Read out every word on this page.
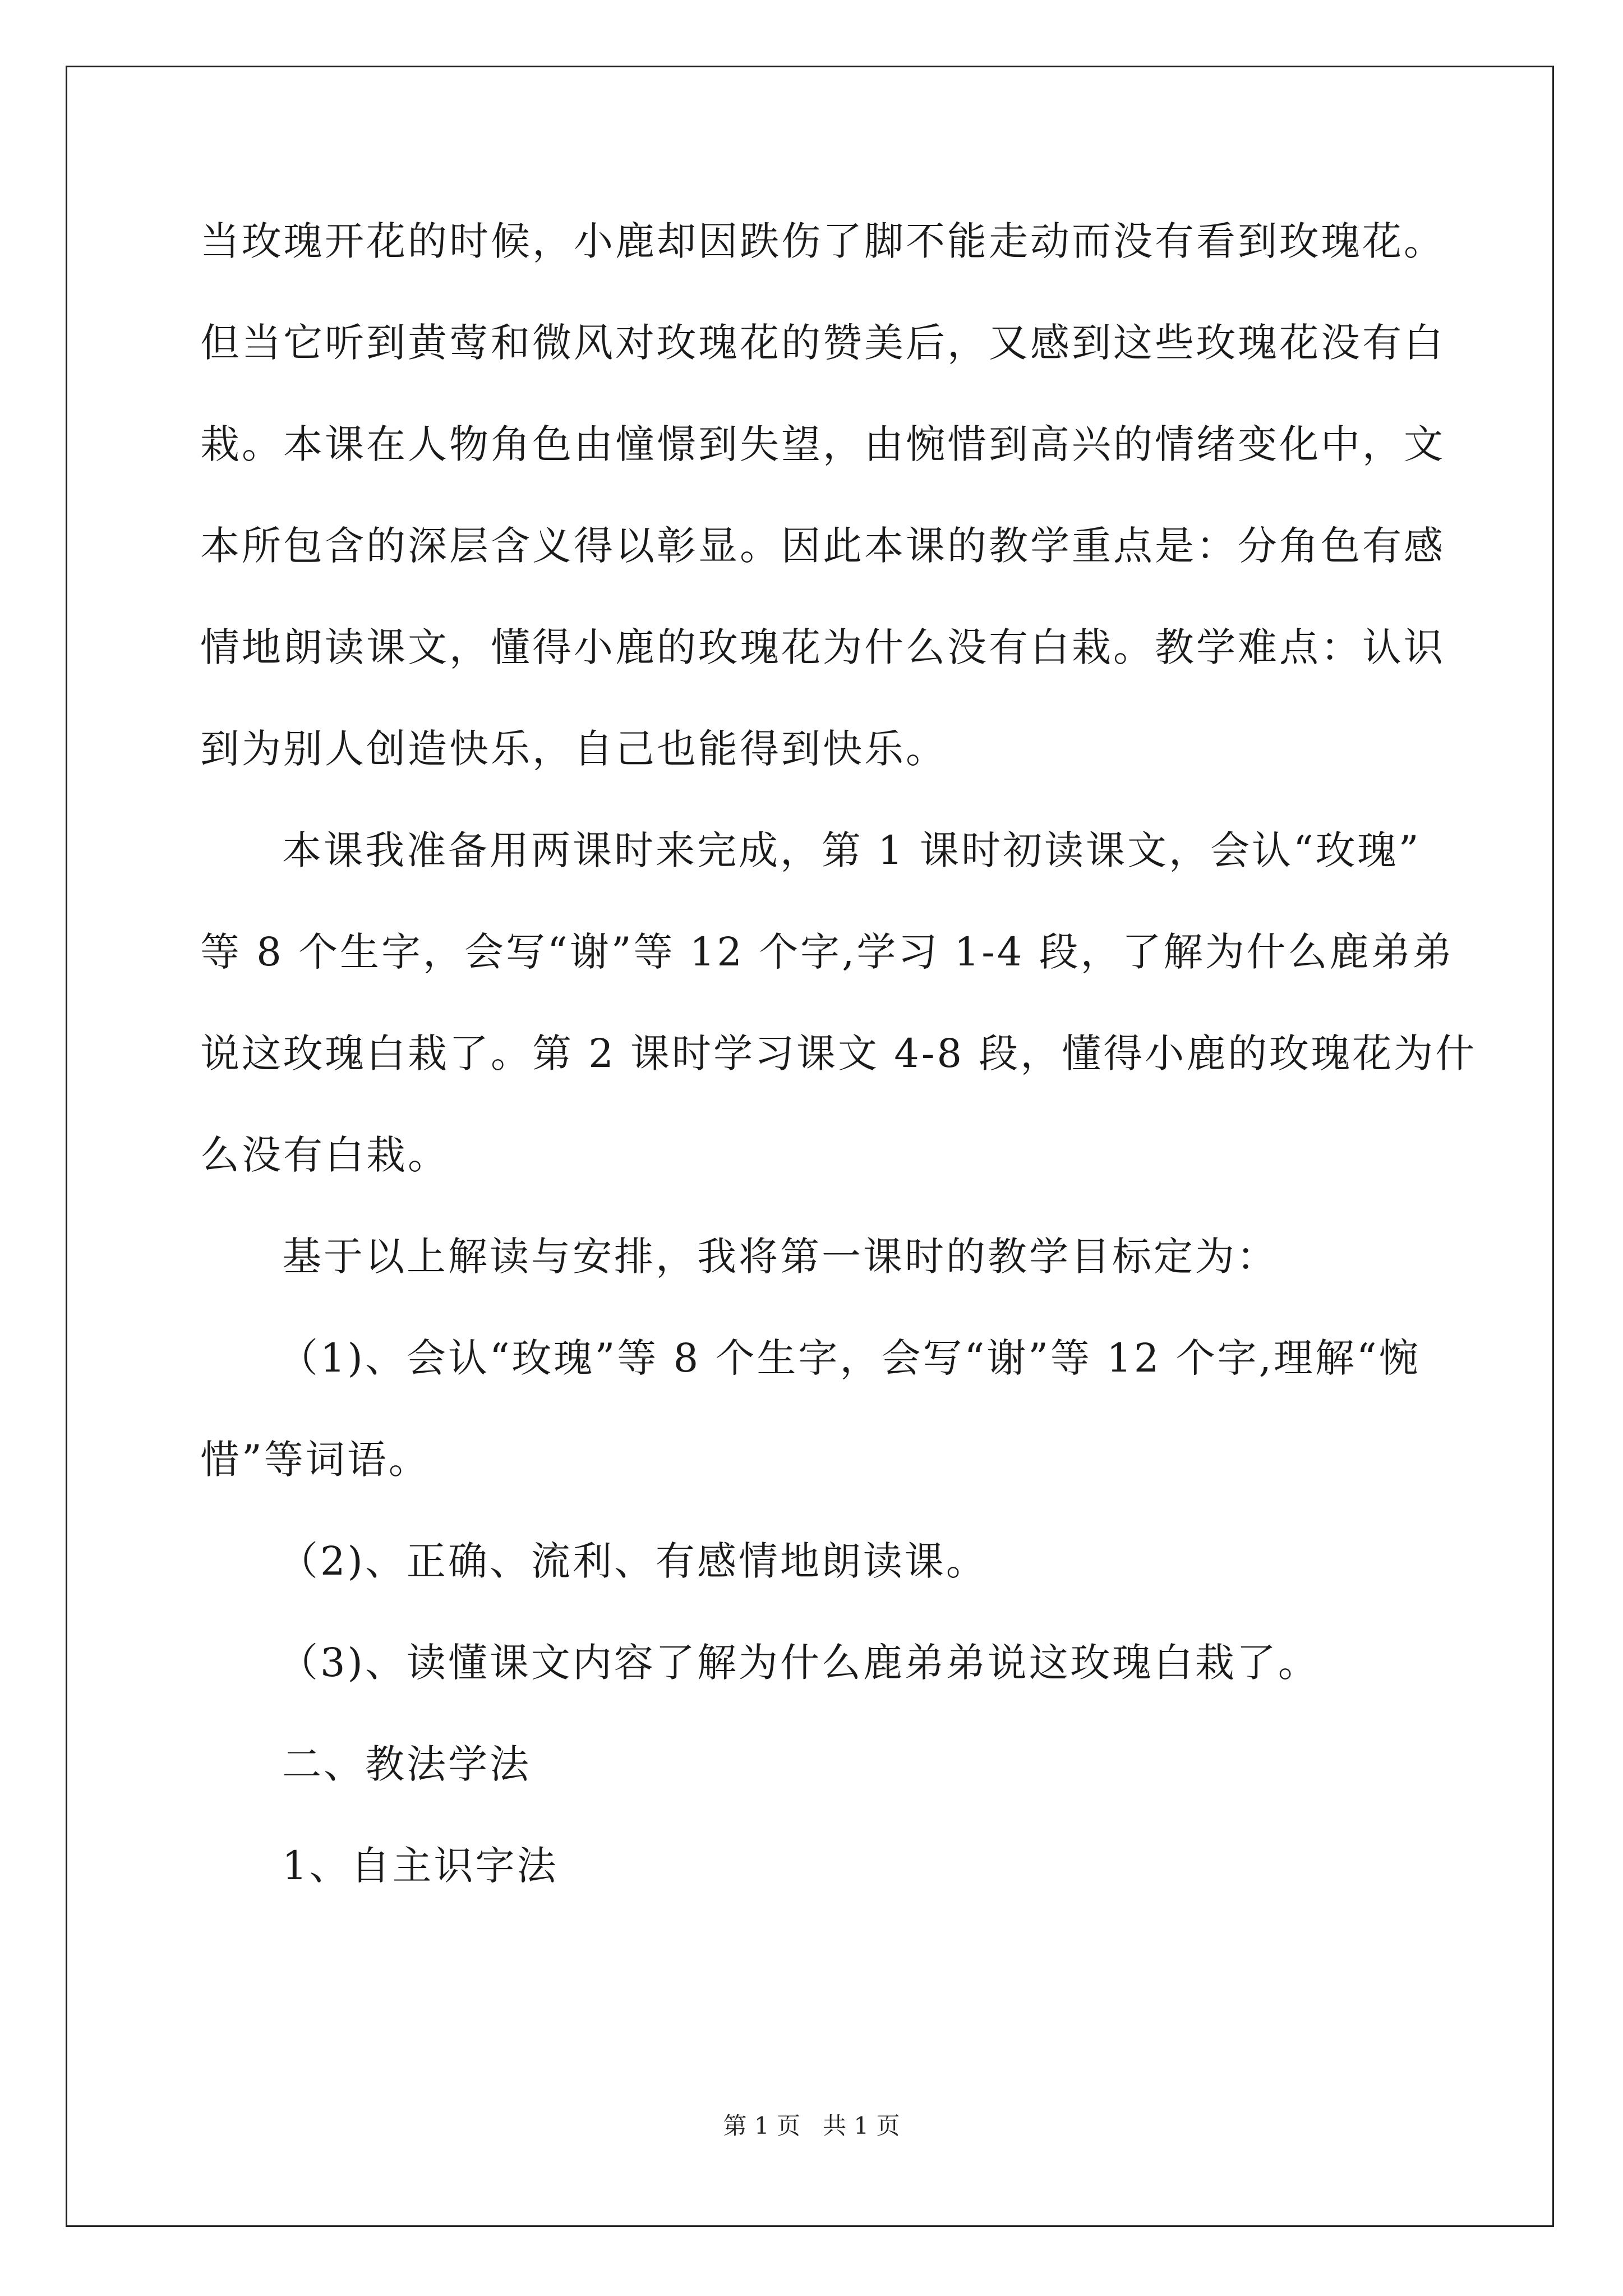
当玫瑰开花的时候，小鹿却因跌伤了脚不能走动而没有看到玫瑰花。
但当它听到黄莺和微风对玫瑰花的赞美后，又感到这些玫瑰花没有白
栽。本课在人物角色由憧憬到失望，由惋惜到高兴的情绪变化中，文
本所包含的深层含义得以彰显。因此本课的教学重点是：分角色有感
情地朗读课文，懂得小鹿的玫瑰花为什么没有白栽。教学难点：认识
到为别人创造快乐，自己也能得到快乐。
本课我准备用两课时来完成，第 1 课时初读课文，会认“玫瑰”
等 8 个生字，会写“谢”等 12 个字,学习 1-4 段，了解为什么鹿弟弟
说这玫瑰白栽了。第 2 课时学习课文 4-8 段，懂得小鹿的玫瑰花为什
么没有白栽。
基于以上解读与安排，我将第一课时的教学目标定为：
（1)、会认“玫瑰”等 8 个生字，会写“谢”等 12 个字,理解“惋
惜”等词语。
（2)、正确、流利、有感情地朗读课。
（3)、读懂课文内容了解为什么鹿弟弟说这玫瑰白栽了。
二、教法学法
1、自主识字法
第 1 页   共 1 页
